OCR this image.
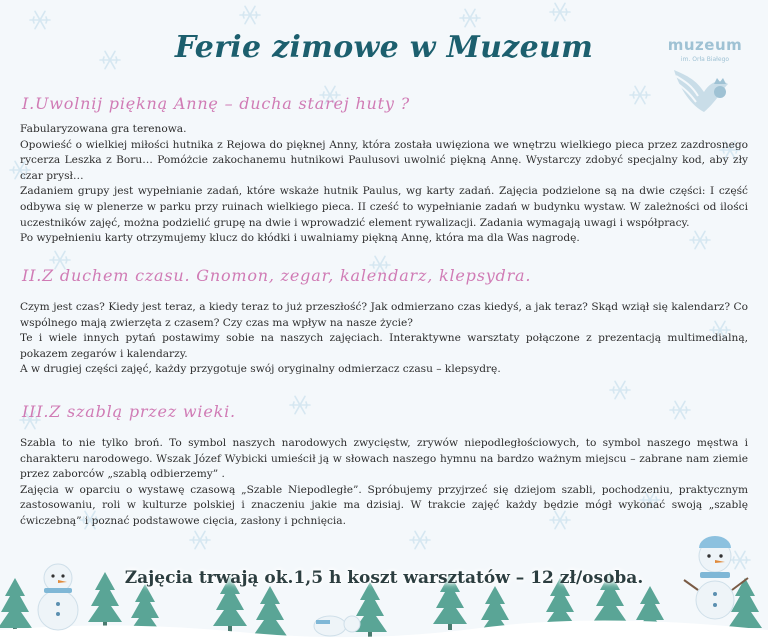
Ferie zimowe w Muzeum	muzeum
im. Orła Białego
I.Uwolnij piękną Annę – ducha starej huty ?

Fabularyzowana gra terenowa.

Opowieść o wielkiej miłości hutnika z Rejowa do pięknej Anny, która została uwięziona we wnętrzu wielkiego pieca przez zazdrosnego rycerza Leszka z Boru… Pomóżcie zakochanemu hutnikowi Paulusovi uwolnić piękną Annę. Wystarczy zdobyć specjalny kod, aby zły czar prysł…

Zadaniem grupy jest wypełnianie zadań, które wskaże hutnik Paulus, wg karty zadań. Zajęcia podzielone są na dwie części: I część odbywa się w plenerze w parku przy ruinach wielkiego pieca. II cześć to wypełnianie zadań w budynku wystaw. W zależności od ilości uczestników zajęć, można podzielić grupę na dwie i wprowadzić element rywalizacji. Zadania wymagają uwagi i współpracy.

Po wypełnieniu karty otrzymujemy klucz do kłódki i uwalniamy piękną Annę, która ma dla Was nagrodę.

II.Z duchem czasu. Gnomon, zegar, kalendarz, klepsydra.

Czym jest czas? Kiedy jest teraz, a kiedy teraz to już przeszłość? Jak odmierzano czas kiedyś, a jak teraz? Skąd wziął się kalendarz? Co wspólnego mają zwierzęta z czasem? Czy czas ma wpływ na nasze życie?

Te i wiele innych pytań postawimy sobie na naszych zajęciach. Interaktywne warsztaty połączone z prezentacją multimedialną, pokazem zegarów i kalendarzy.

A w drugiej części zajęć, każdy przygotuje swój oryginalny odmierzacz czasu – klepsydrę.

III.Z szablą przez wieki.

Szabla to nie tylko broń. To symbol naszych narodowych zwycięstw, zrywów niepodległościowych, to symbol naszego męstwa i charakteru narodowego. Wszak Józef Wybicki umieścił ją w słowach naszego hymnu na bardzo ważnym miejscu – zabrane nam ziemie przez zaborców „szablą odbierzemy” .

Zajęcia w oparciu o wystawę czasową „Szable Niepodległe”. Spróbujemy przyjrzeć się dziejom szabli, pochodzeniu, praktycznym zastosowaniu, roli w kulturze polskiej i znaczeniu jakie ma dzisiaj. W trakcie zajęć każdy będzie mógł wykonać swoją „szablę ćwiczebną” i poznać podstawowe cięcia, zasłony i pchnięcia.

Zajęcia trwają ok.1,5 h koszt warsztatów – 12 zł/osoba.
